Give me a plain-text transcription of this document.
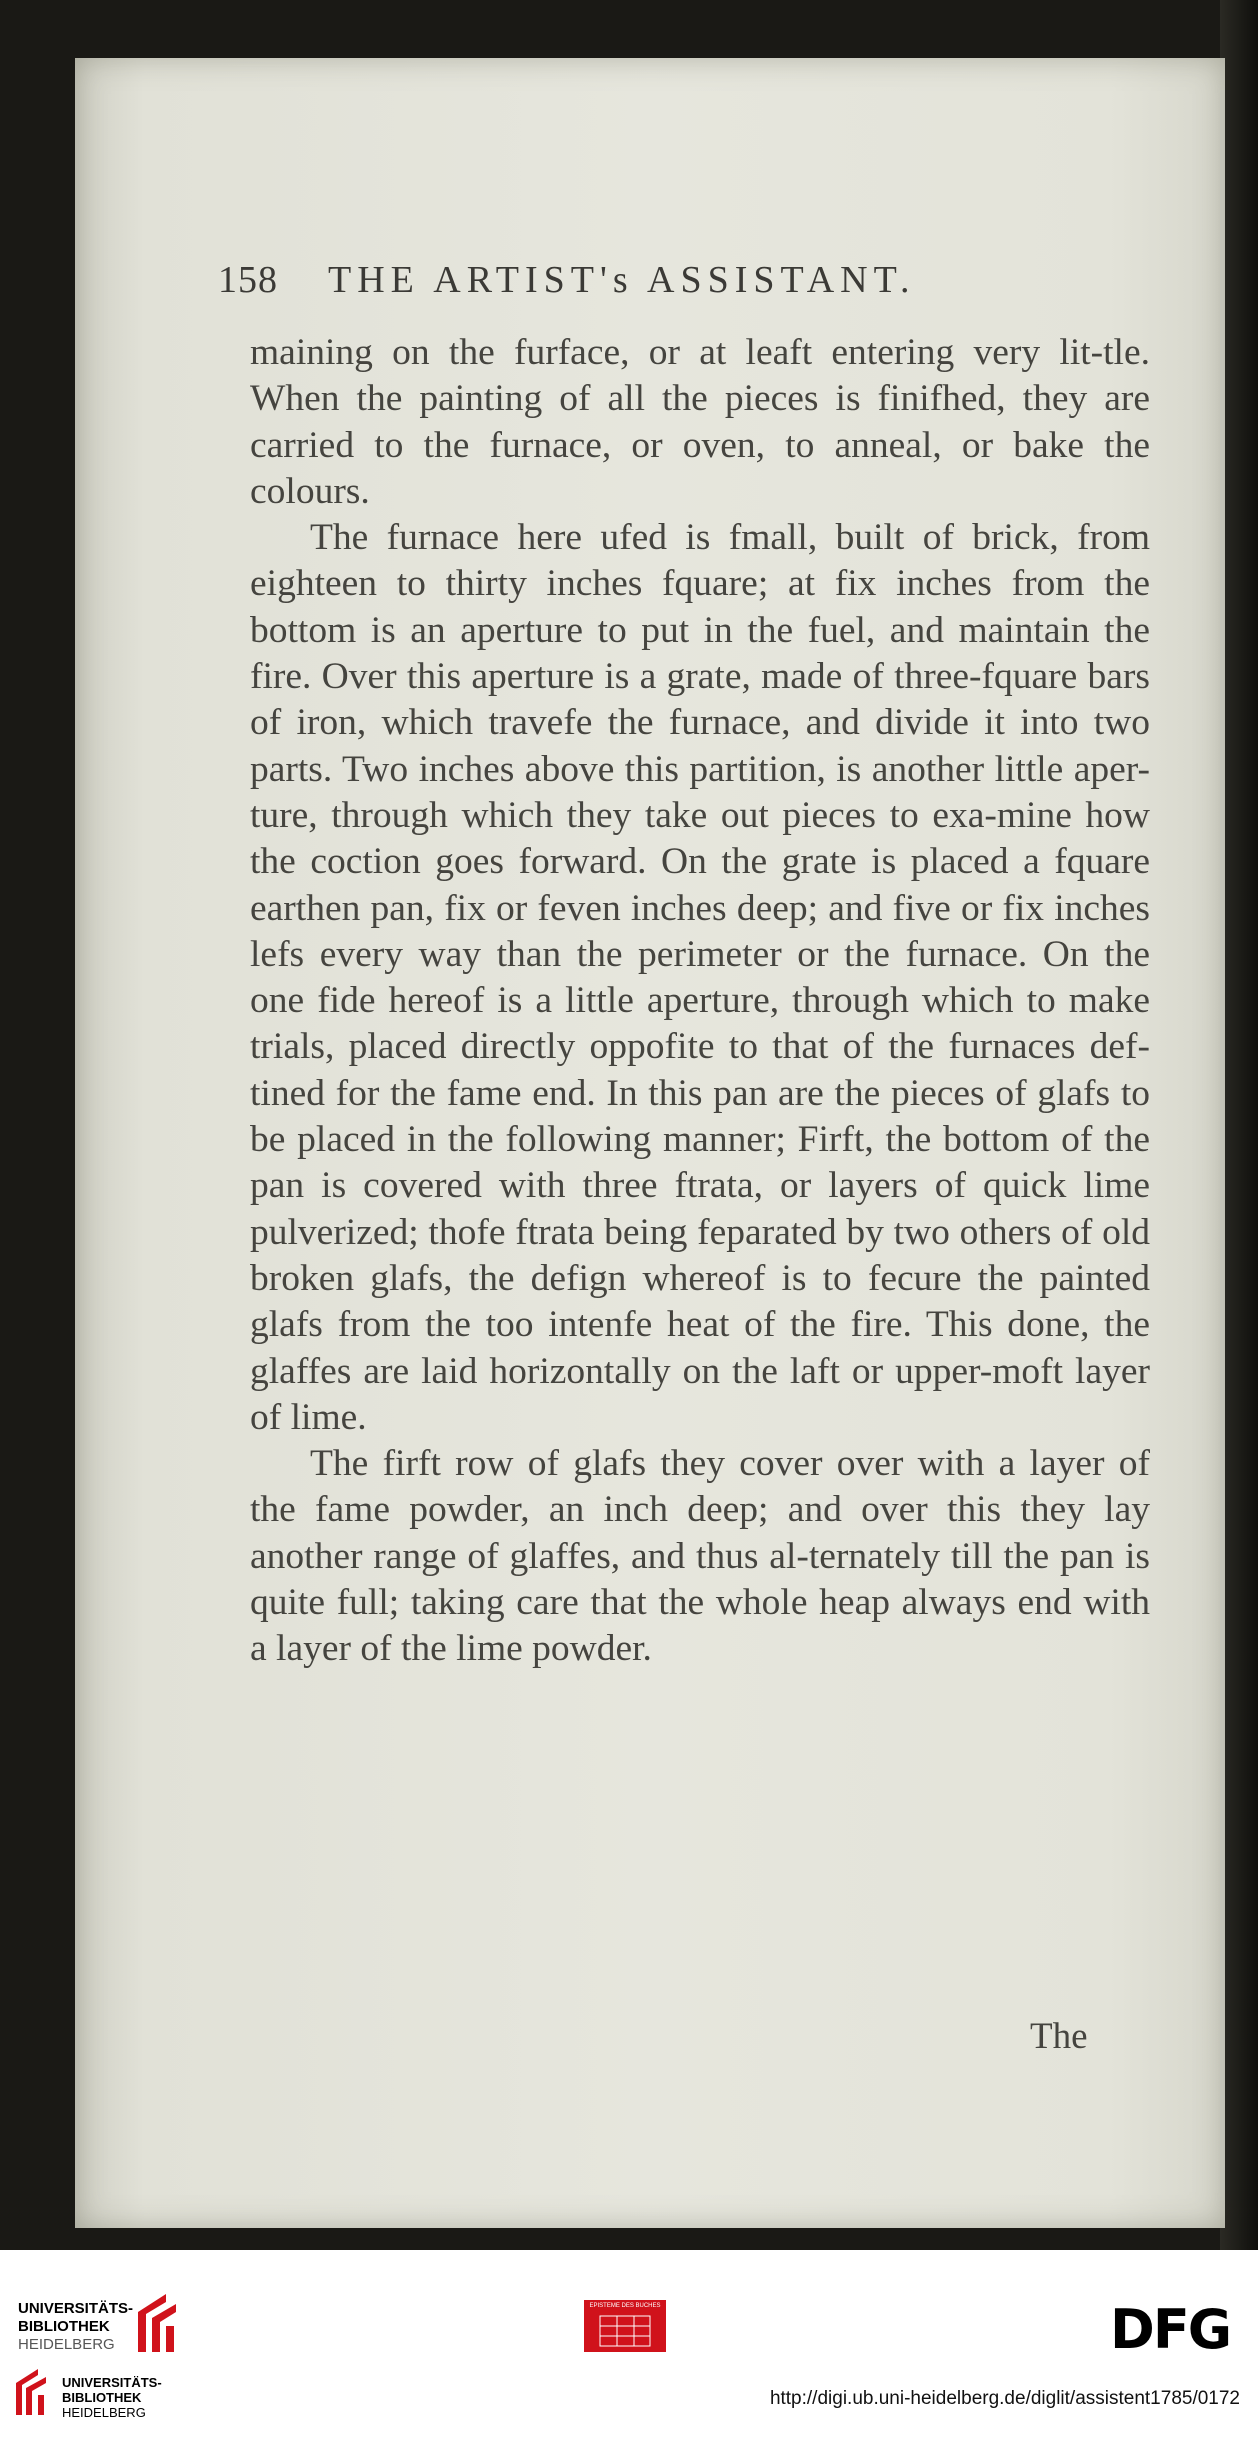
158 THE ARTIST's ASSISTANT.

maining on the furface, or at leaft entering very lit-tle. When the painting of all the pieces is finifhed, they are carried to the furnace, or oven, to anneal, or bake the colours.

The furnace here ufed is fmall, built of brick, from eighteen to thirty inches fquare; at fix inches from the bottom is an aperture to put in the fuel, and maintain the fire. Over this aperture is a grate, made of three-fquare bars of iron, which travefe the furnace, and divide it into two parts. Two inches above this partition, is another little aper-ture, through which they take out pieces to exa-mine how the coction goes forward. On the grate is placed a fquare earthen pan, fix or feven inches deep; and five or fix inches lefs every way than the perimeter or the furnace. On the one fide hereof is a little aperture, through which to make trials, placed directly oppofite to that of the furnaces def-tined for the fame end. In this pan are the pieces of glafs to be placed in the following manner; Firft, the bottom of the pan is covered with three ftrata, or layers of quick lime pulverized; thofe ftrata being feparated by two others of old broken glafs, the defign whereof is to fecure the painted glafs from the too intenfe heat of the fire. This done, the glaffes are laid horizontally on the laft or upper-moft layer of lime.

The firft row of glafs they cover over with a layer of the fame powder, an inch deep; and over this they lay another range of glaffes, and thus al-ternately till the pan is quite full; taking care that the whole heap always end with a layer of the lime powder.

The
UNIVERSITÄTS-
BIBLIOTHEK
HEIDELBERG
UNIVERSITÄTS-
BIBLIOTHEK
HEIDELBERG
EPISTEME DES BUCHES	DFG
http://digi.ub.uni-heidelberg.de/diglit/assistent1785/0172
